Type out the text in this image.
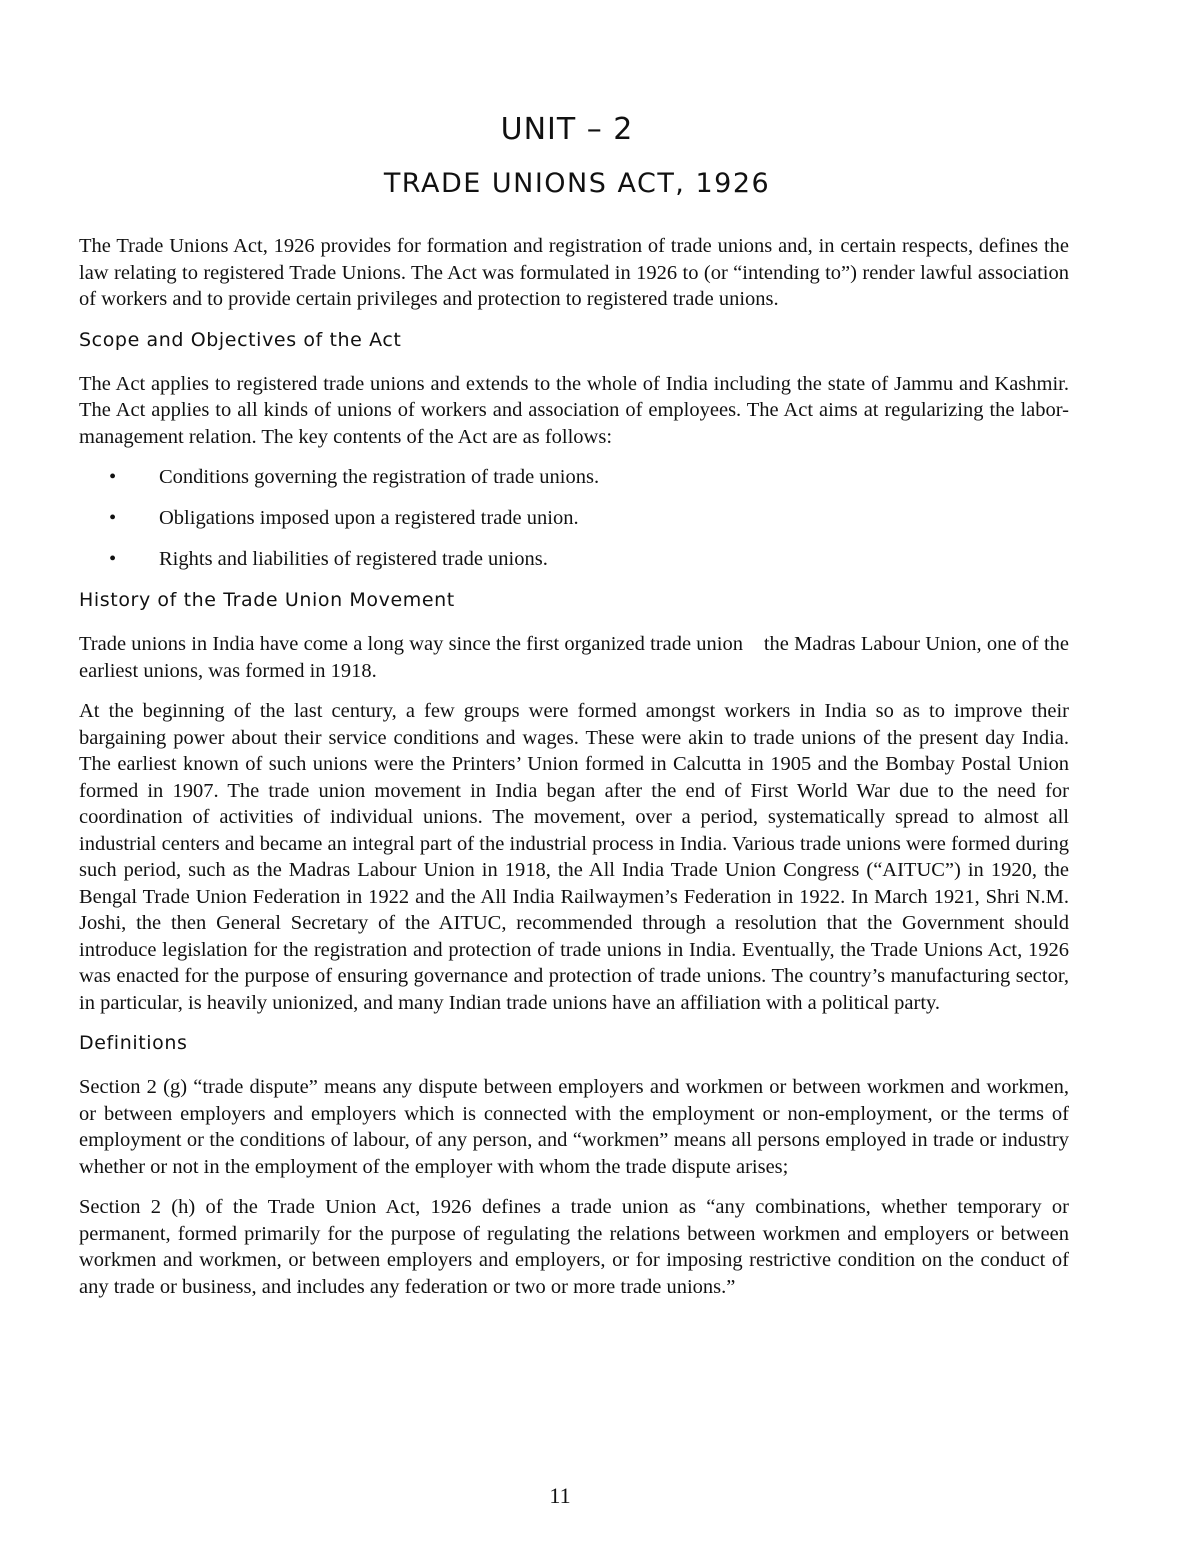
UNIT – 2
TRADE UNIONS ACT, 1926

The Trade Unions Act, 1926 provides for formation and registration of trade unions and, in certain respects, defines the law relating to registered Trade Unions. The Act was formulated in 1926 to (or “intending to”) render lawful association of workers and to provide certain privileges and protection to registered trade unions.

Scope and Objectives of the Act

The Act applies to registered trade unions and extends to the whole of India including the state of Jammu and Kashmir. The Act applies to all kinds of unions of workers and association of employees. The Act aims at regularizing the labor-management relation. The key contents of the Act are as follows:

• Conditions governing the registration of trade unions.
• Obligations imposed upon a registered trade union.
• Rights and liabilities of registered trade unions.
History of the Trade Union Movement

Trade unions in India have come a long way since the first organized trade union    the Madras Labour Union, one of the earliest unions, was formed in 1918.

At the beginning of the last century, a few groups were formed amongst workers in India so as to improve their bargaining power about their service conditions and wages. These were akin to trade unions of the present day India. The earliest known of such unions were the Printers’ Union formed in Calcutta in 1905 and the Bombay Postal Union formed in 1907. The trade union movement in India began after the end of First World War due to the need for coordination of activities of individual unions. The movement, over a period, systematically spread to almost all industrial centers and became an integral part of the industrial process in India. Various trade unions were formed during such period, such as the Madras Labour Union in 1918, the All India Trade Union Congress (“AITUC”) in 1920, the Bengal Trade Union Federation in 1922 and the All India Railwaymen’s Federation in 1922. In March 1921, Shri N.M. Joshi, the then General Secretary of the AITUC, recommended through a resolution that the Government should introduce legislation for the registration and protection of trade unions in India. Eventually, the Trade Unions Act, 1926 was enacted for the purpose of ensuring governance and protection of trade unions. The country’s manufacturing sector, in particular, is heavily unionized, and many Indian trade unions have an affiliation with a political party.

Definitions

Section 2 (g) “trade dispute” means any dispute between employers and workmen or between workmen and workmen, or between employers and employers which is connected with the employment or non-employment, or the terms of employment or the conditions of labour, of any person, and “workmen” means all persons employed in trade or industry whether or not in the employment of the employer with whom the trade dispute arises;

Section 2 (h) of the Trade Union Act, 1926 defines a trade union as “any combinations, whether temporary or permanent, formed primarily for the purpose of regulating the relations between workmen and employers or between workmen and workmen, or between employers and employers, or for imposing restrictive condition on the conduct of any trade or business, and includes any federation or two or more trade unions.”

11
